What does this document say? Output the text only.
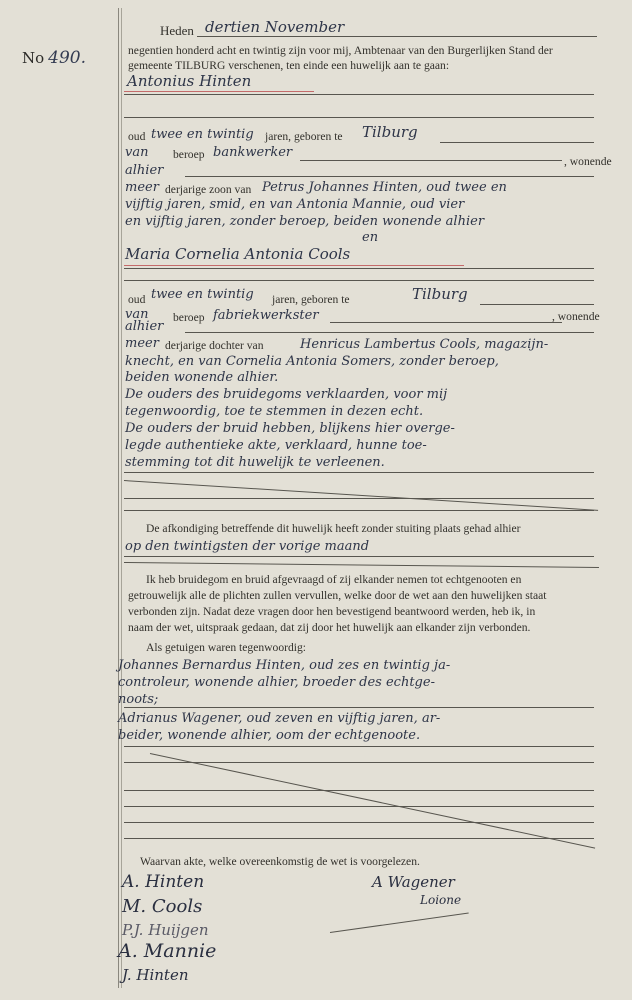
No 490.
Heden dertien November
negentien honderd acht en twintig zijn voor mij, Ambtenaar van den Burgerlijken Stand der
gemeente TILBURG verschenen, ten einde een huwelijk aan te gaan:
Antonius Hinten
oud twee en twintig jaren, geboren te Tilburg
van beroep bankwerker
, wonende
alhier
meer derjarige zoon van Petrus Johannes Hinten, oud twee en
vijftig jaren, smid, en van Antonia Mannie, oud vier
en vijftig jaren, zonder beroep, beiden wonende alhier
en
Maria Cornelia Antonia Cools
oud twee en twintig jaren, geboren te	Tilburg
van beroep fabriekwerkster	, wonende
alhier
meer derjarige dochter van	Henricus Lambertus Cools, magazijn-
knecht, en van Cornelia Antonia Somers, zonder beroep,
beiden wonende alhier.
De ouders des bruidegoms verklaarden, voor mij
tegenwoordig, toe te stemmen in dezen echt.
De ouders der bruid hebben, blijkens hier overge-
legde authentieke akte, verklaard, hunne toe-
stemming tot dit huwelijk te verleenen.
De afkondiging betreffende dit huwelijk heeft zonder stuiting plaats gehad alhier
op den twintigsten der vorige maand
Ik heb bruidegom en bruid afgevraagd of zij elkander nemen tot echtgenooten en
getrouwelijk alle de plichten zullen vervullen, welke door de wet aan den huwelijken staat
verbonden zijn. Nadat deze vragen door hen bevestigend beantwoord werden, heb ik, in
naam der wet, uitspraak gedaan, dat zij door het huwelijk aan elkander zijn verbonden.
Als getuigen waren tegenwoordig:
Johannes Bernardus Hinten, oud zes en twintig ja-
controleur, wonende alhier, broeder des echtge-
noots;
Adrianus Wagener, oud zeven en vijftig jaren, ar-
beider, wonende alhier, oom der echtgenoote.
Waarvan akte, welke overeenkomstig de wet is voorgelezen.
A. Hinten
M. Cools
P.J. Huijgen
A. Mannie
J. Hinten
A Wagener
Loione
